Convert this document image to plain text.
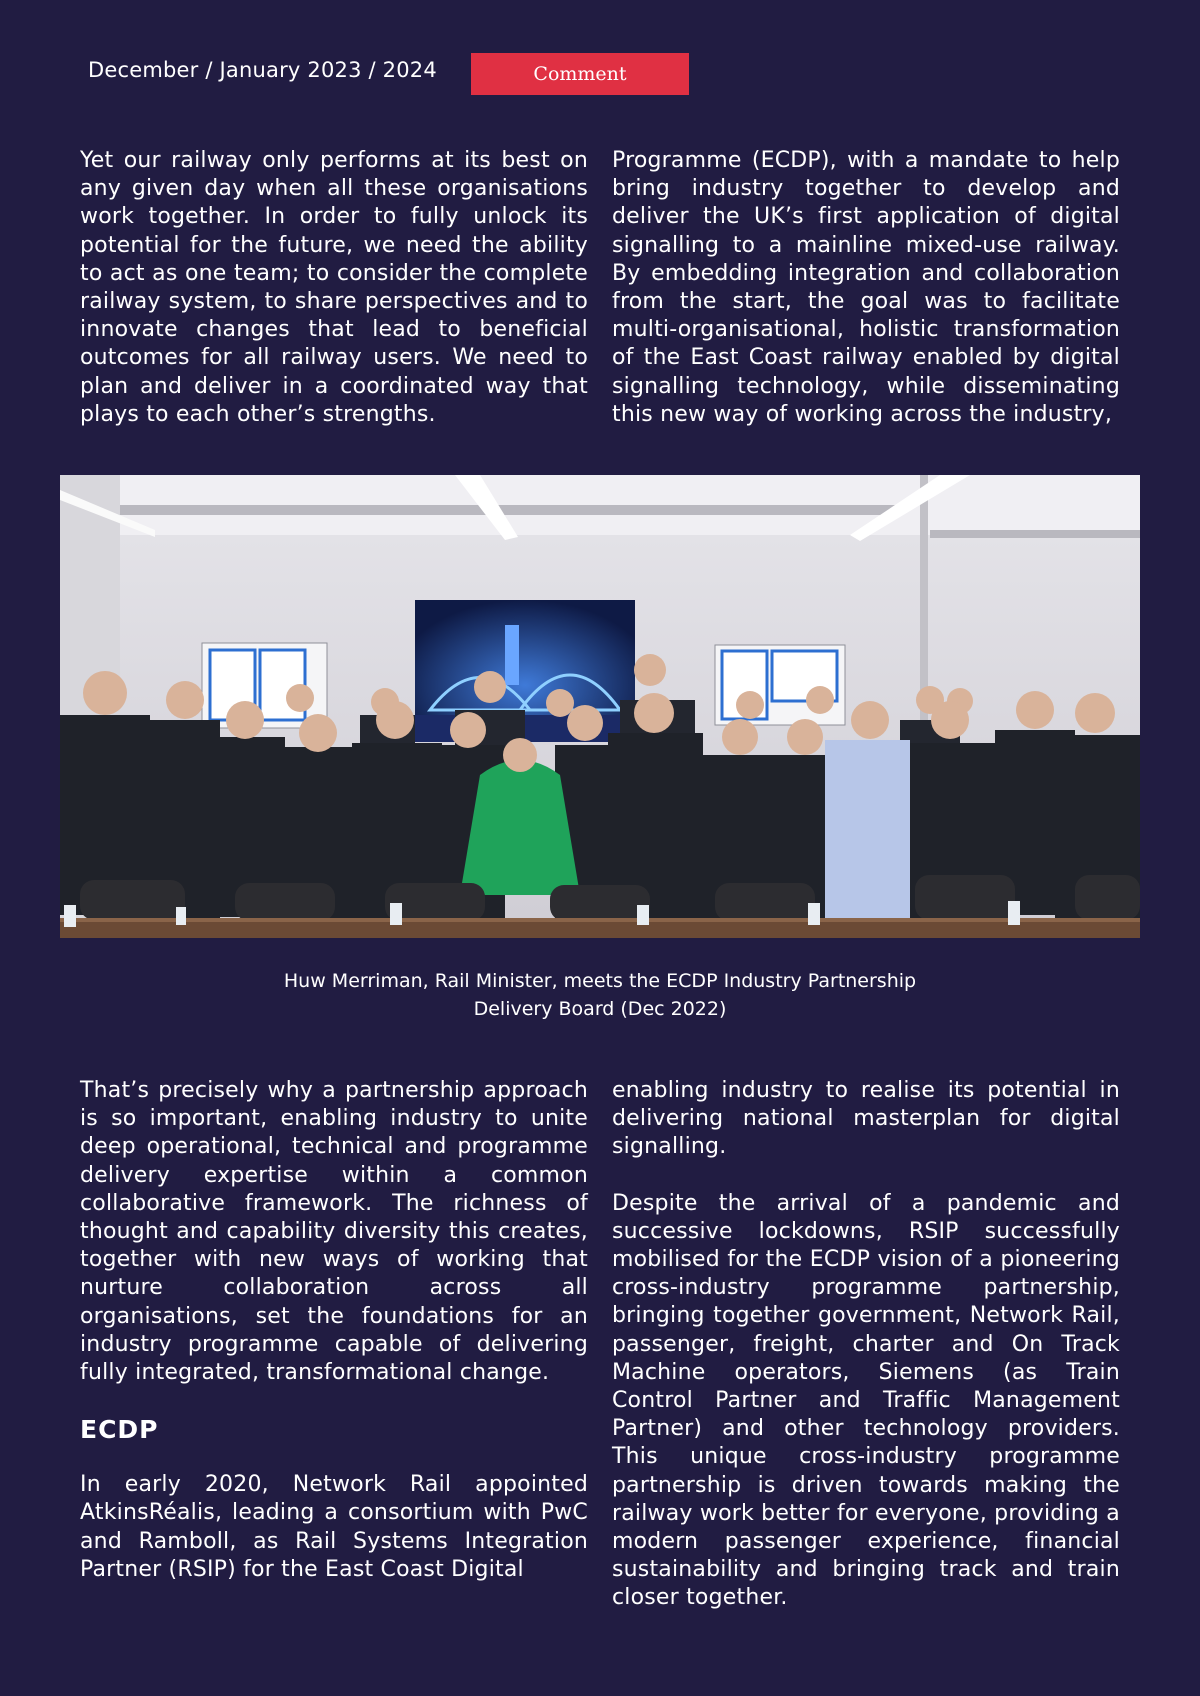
December / January 2023 / 2024	Comment

Yet our railway only performs at its best on any given day when all these organisations work together. In order to fully unlock its potential for the future, we need the ability to act as one team; to consider the complete railway system, to share perspectives and to innovate changes that lead to beneficial outcomes for all railway users. We need to plan and deliver in a coordinated way that plays to each other’s strengths.

Programme (ECDP), with a mandate to help bring industry together to develop and deliver the UK’s first application of digital signalling to a mainline mixed-use railway. By embedding integration and collaboration from the start, the goal was to facilitate multi-organisational, holistic transformation of the East Coast railway enabled by digital signalling technology, while disseminating this new way of working across the industry,

Huw Merriman, Rail Minister, meets the ECDP Industry Partnership
Delivery Board (Dec 2022)

That’s precisely why a partnership approach is so important, enabling industry to unite deep operational, technical and programme delivery expertise within a common collaborative framework. The richness of thought and capability diversity this creates, together with new ways of working that nurture collaboration across all organisations, set the foundations for an industry programme capable of delivering fully integrated, transformational change.

ECDP

In early 2020, Network Rail appointed AtkinsRéalis, leading a consortium with PwC and Ramboll, as Rail Systems Integration Partner (RSIP) for the East Coast Digital

enabling industry to realise its potential in delivering national masterplan for digital signalling.

Despite the arrival of a pandemic and successive lockdowns, RSIP successfully mobilised for the ECDP vision of a pioneering cross-industry programme partnership, bringing together government, Network Rail, passenger, freight, charter and On Track Machine operators, Siemens (as Train Control Partner and Traffic Management Partner) and other technology providers. This unique cross-industry programme partnership is driven towards making the railway work better for everyone, providing a modern passenger experience, financial sustainability and bringing track and train closer together.
